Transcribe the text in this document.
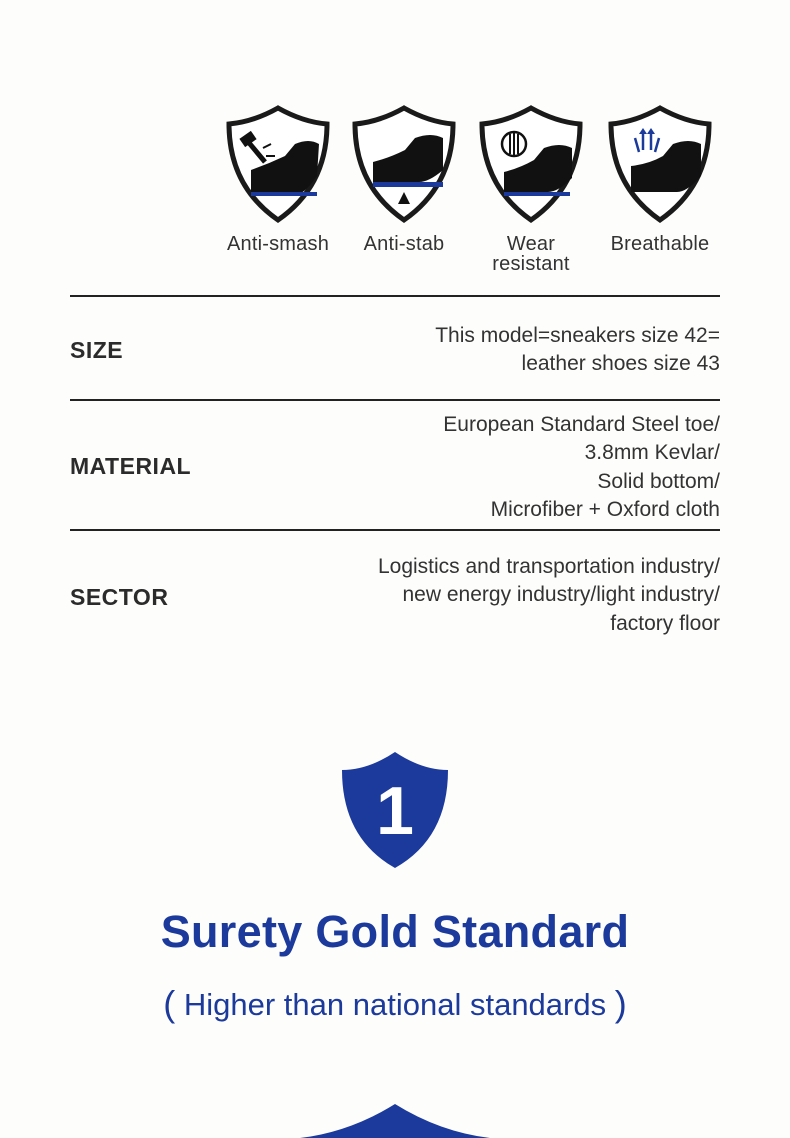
Anti-smash	Anti-stab	Wear
resistant
Breathable
SIZE
This model=sneakers size 42=
leather shoes size 43
MATERIAL
European Standard Steel toe/
3.8mm Kevlar/
Solid bottom/
Microfiber + Oxford cloth
SECTOR
Logistics and transportation industry/
new energy industry/light industry/
factory floor
1
Surety Gold Standard
( Higher than national standards )
